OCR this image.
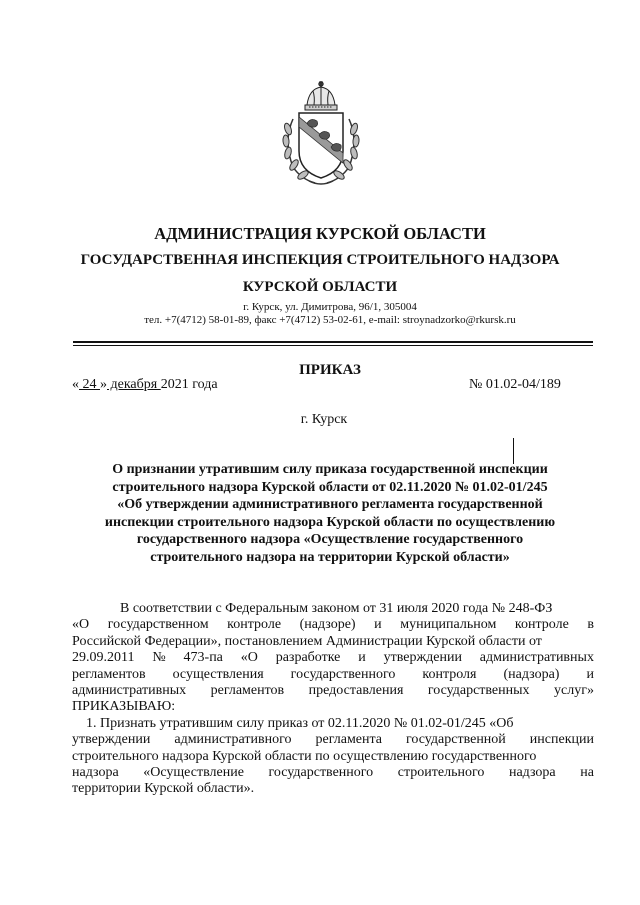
АДМИНИСТРАЦИЯ КУРСКОЙ ОБЛАСТИ
ГОСУДАРСТВЕННАЯ ИНСПЕКЦИЯ СТРОИТЕЛЬНОГО НАДЗОРА
КУРСКОЙ ОБЛАСТИ
г. Курск, ул. Димитрова, 96/1, 305004
тел. +7(4712) 58-01-89, факс +7(4712) 53-02-61, e-mail: stroynadzorko@rkursk.ru
ПРИКАЗ
« 24 » декабря 2021 года	№ 01.02-04/189
г. Курск
О признании утратившим силу приказа государственной инспекции
строительного надзора Курской области от 02.11.2020 № 01.02-01/245
«Об утверждении административного регламента государственной
инспекции строительного надзора Курской области по осуществлению
государственного надзора «Осуществление государственного
строительного надзора на территории Курской области»
В соответствии с Федеральным законом от 31 июля 2020 года № 248-ФЗ
«О государственном контроле (надзоре) и муниципальном контроле в
Российской Федерации», постановлением Администрации Курской области от
29.09.2011 № 473-па «О разработке и утверждении административных
регламентов осуществления государственного контроля (надзора) и
административных регламентов предоставления государственных услуг»
ПРИКАЗЫВАЮ:
1. Признать утратившим силу приказ от 02.11.2020 № 01.02-01/245 «Об
утверждении административного регламента государственной инспекции
строительного надзора Курской области по осуществлению государственного
надзора «Осуществление государственного строительного надзора на
территории Курской области».
